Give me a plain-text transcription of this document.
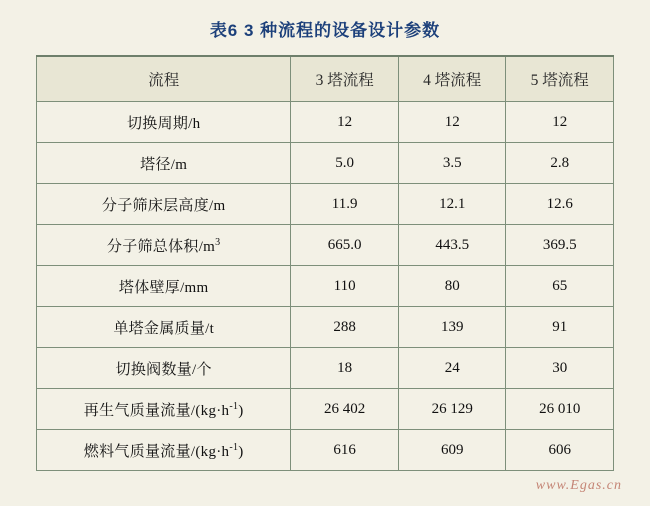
表6 3 种流程的设备设计参数
流程	3 塔流程	4 塔流程	5 塔流程
切换周期/h	12	12	12
塔径/m	5.0	3.5	2.8
分子筛床层高度/m	11.9	12.1	12.6
分子筛总体积$/m^3$	665.0	443.5	369.5
塔体壁厚/mm	110	80	65
单塔金属质量/t	288	139	91
切换阀数量/个	18	24	30
再生气质量流量$/(kg\cdot h^{-1})$	26 402	26 129	26 010
燃料气质量流量$/(kg\cdot h^{-1})$	616	609	606
www.Egas.cn
